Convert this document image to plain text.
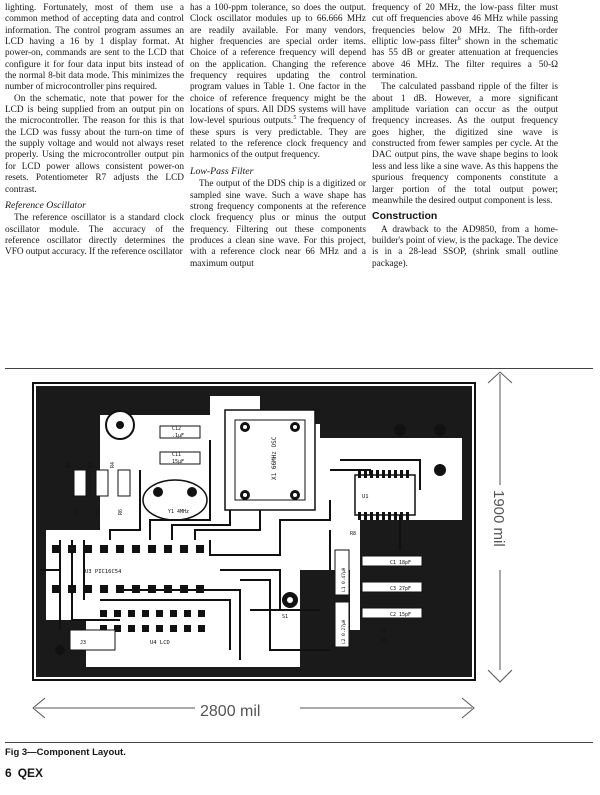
lighting. Fortunately, most of them use a common method of accepting data and control information. The control program assumes an LCD having a 16 by 1 display format. At power-on, commands are sent to the LCD that configure it for four data input bits instead of the normal 8-bit data mode. This minimizes the number of microcontroller pins required.

On the schematic, note that power for the LCD is being supplied from an output pin on the microcontroller. The reason for this is that the LCD was fussy about the turn-on time of the supply voltage and would not always reset properly. Using the microcontroller output pin for LCD power allows consistent power-on resets. Potentiometer R7 adjusts the LCD contrast.

Reference Oscillator

The reference oscillator is a standard clock oscillator module. The accuracy of the reference oscillator directly determines the VFO output accuracy. If the reference oscillator

has a 100-ppm tolerance, so does the output. Clock oscillator modules up to 66.666 MHz are readily available. For many vendors, higher frequencies are special order items. Choice of a reference frequency will depend on the application. Changing the reference frequency requires updating the control program values in Table 1. One factor in the choice of reference frequency might be the locations of spurs. All DDS systems will have low-level spurious outputs.$^5$ The frequency of these spurs is very predictable. They are related to the reference clock frequency and harmonics of the output frequency.

Low-Pass Filter

The output of the DDS chip is a digitized or sampled sine wave. Such a wave shape has strong frequency components at the reference clock frequency plus or minus the output frequency. Filtering out these components produces a clean sine wave. For this project, with a reference clock near 66 MHz and a maximum output

frequency of 20 MHz, the low-pass filter must cut off frequencies above 46 MHz while passing frequencies below 20 MHz. The fifth-order elliptic low-pass filter$^6$ shown in the schematic has 55 dB or greater attenuation at frequencies above 46 MHz. The filter requires a 50-Ω termination.

The calculated passband ripple of the filter is about 1 dB. However, a more significant amplitude variation can occur as the output frequency increases. As the output frequency goes higher, the digitized sine wave is constructed from fewer samples per cycle. At the DAC output pins, the wave shape begins to look less and less like a sine wave. As this happens the spurious frequency components constitute a larger portion of the total output power; meanwhile the desired output component is less.

Construction

A drawback to the AD9850, from a home-builder's point of view, is the package. The device is in a 28-lead SSOP, (shrink small outline package).

X1 66MHz OSC
C12
.1μF
C11
15μF
R3	R2	R4
R1	R5	R6	Y1 4MHz
U3 PIC16C54
U4 LCD
J3
S1
U1
U2
R8
C1 18pF
C3 27pF
C2 15pF
L1 0.47μH
L2 0.27μH	J7
J8
1900 mil
2800 mil
Fig 3—Component Layout.
6 QEX
